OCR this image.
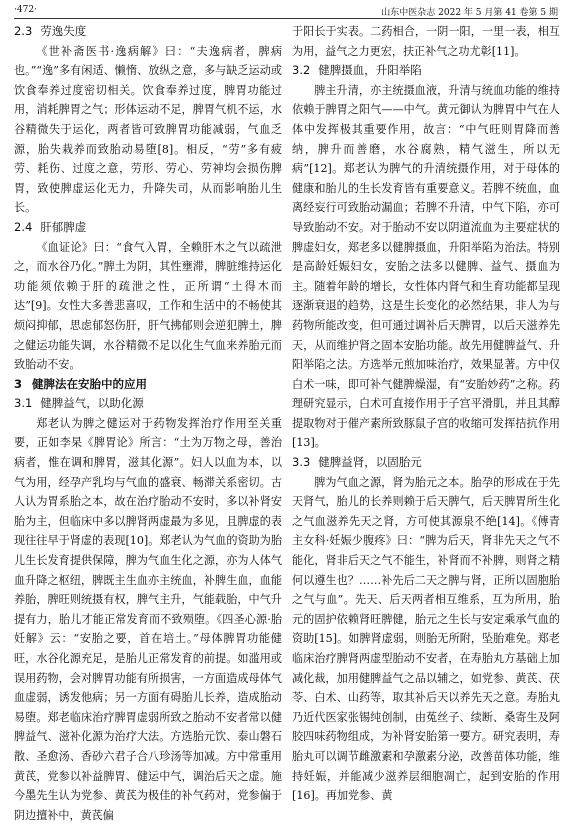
·472·	山东中医杂志 2022 年 5 月第 41 卷第 5 期
2.3 劳逸失度

《世补斋医书·逸病解》曰：“夫逸病者，脾病也。”“逸”多有闲适、懒惰、放纵之意，多与缺乏运动或饮食奉养过度密切相关。饮食奉养过度，脾胃功能过用，消耗脾胃之气；形体运动不足，脾胃气机不运，水谷精微失于运化，两者皆可致脾胃功能减弱，气血乏源，胎失栽养而致胎动易堕[8]。相反，“劳”多有疲劳、耗伤、过度之意，劳形、劳心、劳神均会损伤脾胃，致使脾虚运化无力，升降失司，从而影响胎儿生长。

2.4 肝郁脾虚

《血证论》曰：“食气入胃，全赖肝木之气以疏泄之，而水谷乃化。”脾土为阴，其性壅滞，脾脏维持运化功能须依赖于肝的疏泄之性，正所谓“土得木而达”[9]。女性大多善悲喜叹，工作和生活中的不畅使其烦闷抑郁，思虑郁怒伤肝，肝气拂郁则会逆犯脾土，脾之健运功能失调，水谷精微不足以化生气血来养胎元而致胎动不安。

3 健脾法在安胎中的应用
3.1 健脾益气，以助化源

郑老认为脾之健运对于药物发挥治疗作用至关重要，正如李杲《脾胃论》所言：“土为万物之母，善治病者，惟在调和脾胃，滋其化源”。妇人以血为本，以气为用，经孕产乳均与气血的盛衰、畅滞关系密切。古人认为胃系胎之本，故在治疗胎动不安时，多以补肾安胎为主，但临床中多以脾肾两虚最为多见，且脾虚的表现往往早于肾虚的表现[10]。郑老认为气血的资助为胎儿生长发育提供保障，脾为气血生化之源，亦为人体气血升降之枢纽，脾既主生血亦主统血，补脾生血，血能养胎，脾旺则统摄有权，脾气主升，气能载胎，中气升提有力，胎儿才能正常发育而不致殒堕。《四圣心源·胎妊解》云：“安胎之要，首在培土。”母体脾胃功能健旺，水谷化源充足，是胎儿正常发育的前提。如滥用或误用药物，会对脾胃功能有所损害，一方面造成母体气血虚弱，诱发他病；另一方面有碍胎儿长养，造成胎动易堕。郑老临床治疗脾胃虚弱所致之胎动不安者常以健脾益气、滋补化源为治疗大法。方选胎元饮、泰山磐石散、圣愈汤、香砂六君子合八珍汤等加减。方中常重用黄芪，党参以补益脾胃、健运中气，调治后天之虚。施今墨先生认为党参、黄芪为极佳的补气药对，党参偏于阴边擅补中，黄芪偏

于阳长于实表。二药相合，一阴一阳，一里一表，相互为用，益气之力更宏，扶正补气之功尤彰[11]。

3.2 健脾摄血，升阳举陷

脾主升清，亦主统摄血液，升清与统血功能的维持依赖于脾胃之阳气——中气。黄元御认为脾胃中气在人体中发挥极其重要作用，故言：“中气旺则胃降而善纳，脾升而善磨，水谷腐熟，精气滋生，所以无病”[12]。郑老认为脾气的升清统摄作用，对于母体的健康和胎儿的生长发育皆有重要意义。若脾不统血，血离经妄行可致胎动漏血；若脾不升清，中气下陷，亦可导致胎动不安。对于胎动不安以阴道流血为主要症状的脾虚妇女，郑老多以健脾摄血，升阳举陷为治法。特别是高龄妊娠妇女，安胎之法多以健脾、益气、摄血为主。随着年龄的增长，女性体内肾气和生育功能都呈现逐渐衰退的趋势，这是生长变化的必然结果，非人为与药物所能改变，但可通过调补后天脾胃，以后天滋养先天，从而维护肾之固本安胎功能。故先用健脾益气、升阳举陷之法。方选举元煎加味治疗，效果显著。方中仅白术一味，即可补气健脾燥湿，有“安胎妙药”之称。药理研究显示，白术可直接作用于子宫平滑肌，并且其醇提取物对于催产素所致豚鼠子宫的收缩可发挥拮抗作用[13]。

3.3 健脾益肾，以固胎元

脾为气血之源，肾为胎元之本。胎孕的形成在于先天肾气，胎儿的长养则赖于后天脾气，后天脾胃所生化之气血滋养先天之肾，方可使其源泉不绝[14]。《傅青主女科·妊娠少腹疼》曰：“脾为后天，肾非先天之气不能化，肾非后天之气不能生，补肾而不补脾，则肾之精何以遵生也？……补先后二天之脾与肾，正所以固胞胎之气与血”。先天、后天两者相互维系，互为所用，胎元的固护依赖肾旺脾健，胎元之生长与安定乘承气血的资助[15]。如脾肾虚弱，则胎无所附，坠胎难免。郑老临床治疗脾肾两虚型胎动不安者，在寿胎丸方基础上加减化裁，加用健脾益气之品以辅之，如党参、黄芪、茯苓、白术、山药等，取其补后天以养先天之意。寿胎丸乃近代医家张锡纯创制，由菟丝子、续断、桑寄生及阿胶四味药物组成，为补肾安胎第一要方。研究表明，寿胎丸可以调节雌激素和孕激素分泌，改善苗体功能，维持妊娠，并能减少滋养层细胞凋亡，起到安胎的作用[16]。再加党参、黄
